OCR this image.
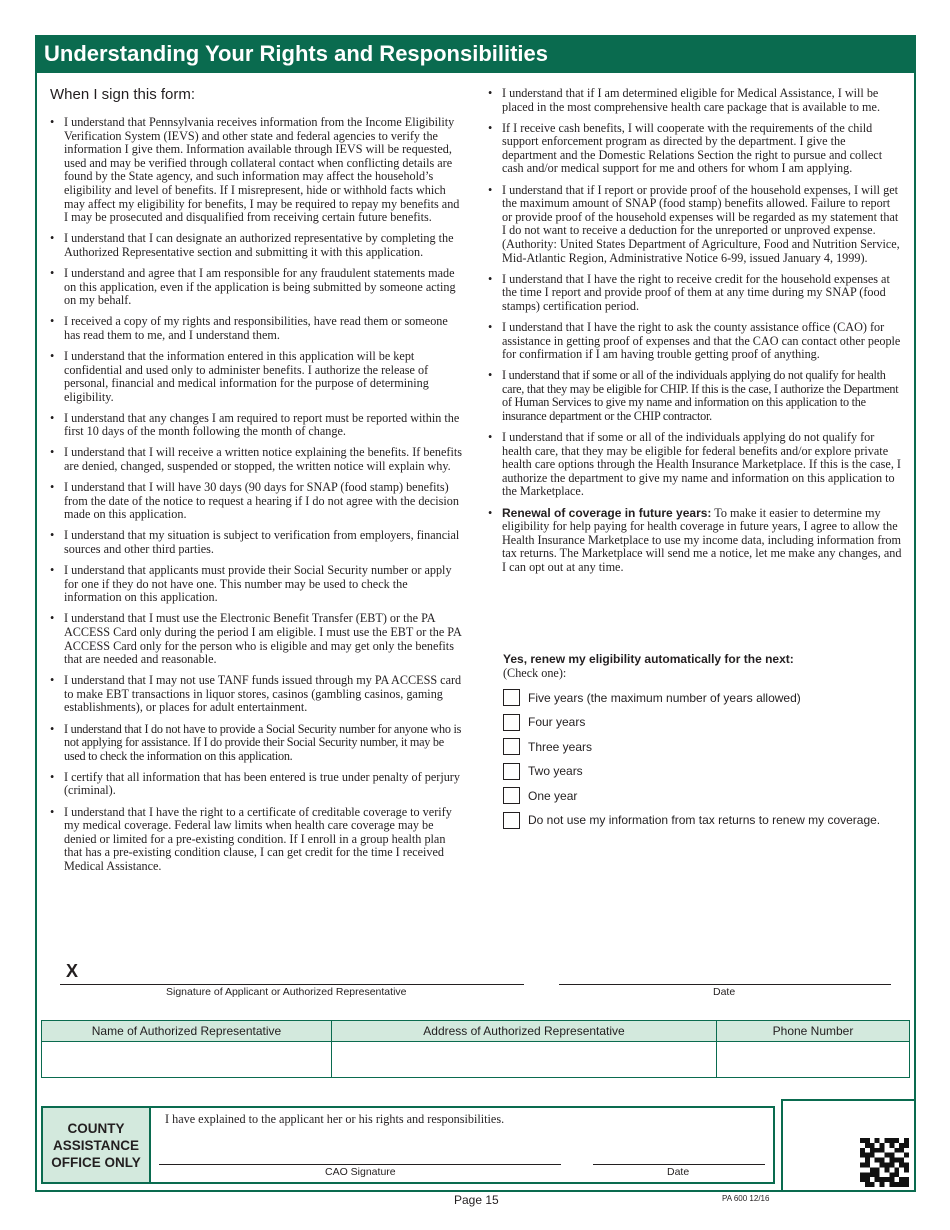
Understanding Your Rights and Responsibilities
When I sign this form:
• I understand that Pennsylvania receives information from the Income Eligibility Verification System (IEVS) and other state and federal agencies to verify the information I give them. Information available through IEVS will be requested, used and may be verified through collateral contact when conflicting details are found by the State agency, and such information may affect the household’s eligibility and level of benefits. If I misrepresent, hide or withhold facts which may affect my eligibility for benefits, I may be required to repay my benefits and I may be prosecuted and disqualified from receiving certain future benefits.
• I understand that I can designate an authorized representative by completing the Authorized Representative section and submitting it with this application.
• I understand and agree that I am responsible for any fraudulent statements made on this application, even if the application is being submitted by someone acting on my behalf.
• I received a copy of my rights and responsibilities, have read them or someone has read them to me, and I understand them.
• I understand that the information entered in this application will be kept confidential and used only to administer benefits. I authorize the release of personal, financial and medical information for the purpose of determining eligibility.
• I understand that any changes I am required to report must be reported within the first 10 days of the month following the month of change.
• I understand that I will receive a written notice explaining the benefits. If benefits are denied, changed, suspended or stopped, the written notice will explain why.
• I understand that I will have 30 days (90 days for SNAP (food stamp) benefits) from the date of the notice to request a hearing if I do not agree with the decision made on this application.
• I understand that my situation is subject to verification from employers, financial sources and other third parties.
• I understand that applicants must provide their Social Security number or apply for one if they do not have one. This number may be used to check the information on this application.
• I understand that I must use the Electronic Benefit Transfer (EBT) or the PA ACCESS Card only during the period I am eligible. I must use the EBT or the PA ACCESS Card only for the person who is eligible and may get only the benefits that are needed and reasonable.
• I understand that I may not use TANF funds issued through my PA ACCESS card to make EBT transactions in liquor stores, casinos (gambling casinos, gaming establishments), or places for adult entertainment.
• I understand that I do not have to provide a Social Security number for anyone who is not applying for assistance. If I do provide their Social Security number, it may be used to check the information on this application.
• I certify that all information that has been entered is true under penalty of perjury (criminal).
• I understand that I have the right to a certificate of creditable coverage to verify my medical coverage. Federal law limits when health care coverage may be denied or limited for a pre-existing condition. If I enroll in a group health plan that has a pre-existing condition clause, I can get credit for the time I received Medical Assistance.
• I understand that if I am determined eligible for Medical Assistance, I will be placed in the most comprehensive health care package that is available to me.
• If I receive cash benefits, I will cooperate with the requirements of the child support enforcement program as directed by the department. I give the department and the Domestic Relations Section the right to pursue and collect cash and/or medical support for me and others for whom I am applying.
• I understand that if I report or provide proof of the household expenses, I will get the maximum amount of SNAP (food stamp) benefits allowed. Failure to report or provide proof of the household expenses will be regarded as my statement that I do not want to receive a deduction for the unreported or unproved expense. (Authority: United States Department of Agriculture, Food and Nutrition Service, Mid-Atlantic Region, Administrative Notice 6-99, issued January 4, 1999).
• I understand that I have the right to receive credit for the household expenses at the time I report and provide proof of them at any time during my SNAP (food stamps) certification period.
• I understand that I have the right to ask the county assistance office (CAO) for assistance in getting proof of expenses and that the CAO can contact other people for confirmation if I am having trouble getting proof of anything.
• I understand that if some or all of the individuals applying do not qualify for health care, that they may be eligible for CHIP. If this is the case, I authorize the Department of Human Services to give my name and information on this application to the insurance department or the CHIP contractor.
• I understand that if some or all of the individuals applying do not qualify for health care, that they may be eligible for federal benefits and/or explore private health care options through the Health Insurance Marketplace. If this is the case, I authorize the department to give my name and information on this application to the Marketplace.
• Renewal of coverage in future years: To make it easier to determine my eligibility for help paying for health coverage in future years, I agree to allow the Health Insurance Marketplace to use my income data, including information from tax returns. The Marketplace will send me a notice, let me make any changes, and I can opt out at any time.
Yes, renew my eligibility automatically for the next:
(Check one):
Five years (the maximum number of years allowed)
Four years
Three years
Two years
One year
Do not use my information from tax returns to renew my coverage.
X
Signature of Applicant or Authorized Representative	Date
Name of Authorized Representative	Address of Authorized Representative	Phone Number

COUNTY
ASSISTANCE
OFFICE ONLY
I have explained to the applicant her or his rights and responsibilities.
CAO Signature	Date
Page 15	PA 600 12/16
